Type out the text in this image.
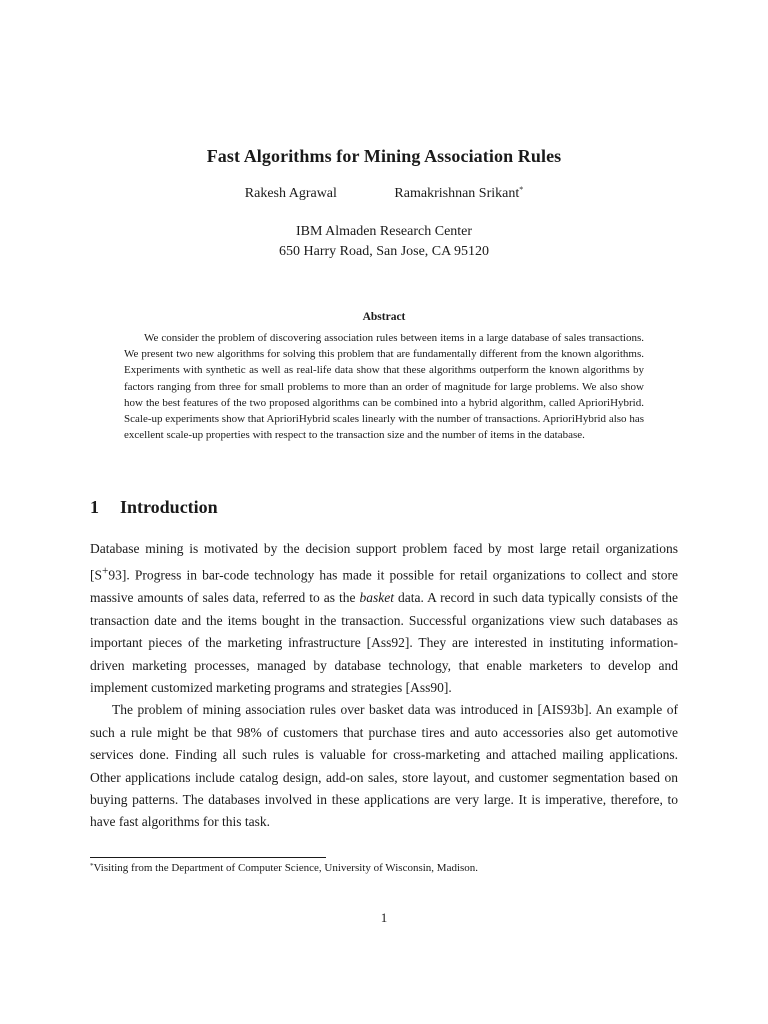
Fast Algorithms for Mining Association Rules
Rakesh Agrawal	Ramakrishnan Srikant*
IBM Almaden Research Center
650 Harry Road, San Jose, CA 95120
Abstract

We consider the problem of discovering association rules between items in a large database of sales transactions. We present two new algorithms for solving this problem that are fundamentally different from the known algorithms. Experiments with synthetic as well as real-life data show that these algorithms outperform the known algorithms by factors ranging from three for small problems to more than an order of magnitude for large problems. We also show how the best features of the two proposed algorithms can be combined into a hybrid algorithm, called AprioriHybrid. Scale-up experiments show that AprioriHybrid scales linearly with the number of transactions. AprioriHybrid also has excellent scale-up properties with respect to the transaction size and the number of items in the database.

1 Introduction

Database mining is motivated by the decision support problem faced by most large retail organizations [S+93]. Progress in bar-code technology has made it possible for retail organizations to collect and store massive amounts of sales data, referred to as the basket data. A record in such data typically consists of the transaction date and the items bought in the transaction. Successful organizations view such databases as important pieces of the marketing infrastructure [Ass92]. They are interested in instituting information-driven marketing processes, managed by database technology, that enable marketers to develop and implement customized marketing programs and strategies [Ass90].

The problem of mining association rules over basket data was introduced in [AIS93b]. An example of such a rule might be that 98% of customers that purchase tires and auto accessories also get automotive services done. Finding all such rules is valuable for cross-marketing and attached mailing applications. Other applications include catalog design, add-on sales, store layout, and customer segmentation based on buying patterns. The databases involved in these applications are very large. It is imperative, therefore, to have fast algorithms for this task.

*Visiting from the Department of Computer Science, University of Wisconsin, Madison.
1
